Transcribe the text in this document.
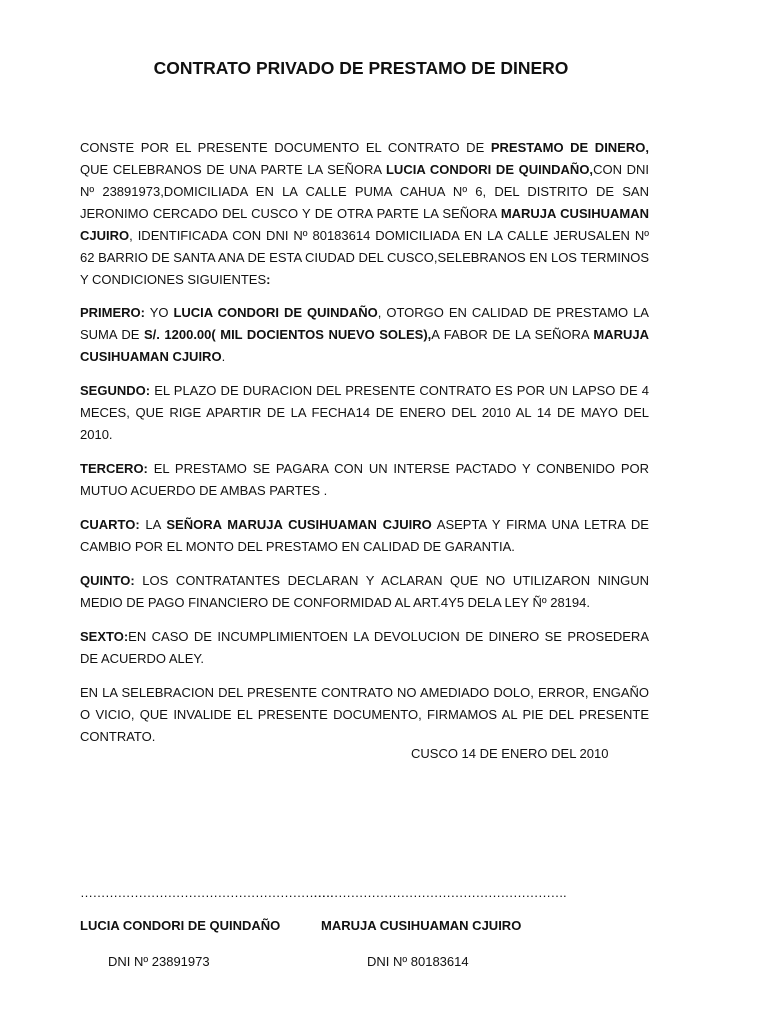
CONTRATO PRIVADO DE PRESTAMO DE DINERO

CONSTE POR EL PRESENTE DOCUMENTO EL CONTRATO DE PRESTAMO DE DINERO, QUE CELEBRANOS DE UNA PARTE LA SEÑORA LUCIA CONDORI DE QUINDAÑO,CON DNI Nº 23891973,DOMICILIADA EN LA CALLE PUMA CAHUA Nº 6, DEL DISTRITO DE SAN JERONIMO CERCADO DEL CUSCO Y DE OTRA PARTE LA SEÑORA MARUJA CUSIHUAMAN CJUIRO, IDENTIFICADA CON DNI Nº 80183614 DOMICILIADA EN LA CALLE JERUSALEN Nº 62 BARRIO DE SANTA ANA DE ESTA CIUDAD DEL CUSCO,SELEBRANOS EN LOS TERMINOS Y CONDICIONES SIGUIENTES:

PRIMERO: YO LUCIA CONDORI DE QUINDAÑO, OTORGO EN CALIDAD DE PRESTAMO LA SUMA DE S/. 1200.00( MIL DOCIENTOS NUEVO SOLES),A FABOR DE LA SEÑORA MARUJA CUSIHUAMAN CJUIRO.

SEGUNDO: EL PLAZO DE DURACION DEL PRESENTE CONTRATO ES POR UN LAPSO DE 4 MECES, QUE RIGE APARTIR DE LA FECHA14 DE ENERO DEL 2010 AL 14 DE MAYO DEL 2010.

TERCERO: EL PRESTAMO SE PAGARA CON UN INTERSE PACTADO Y CONBENIDO POR MUTUO ACUERDO DE AMBAS PARTES .

CUARTO: LA SEÑORA MARUJA CUSIHUAMAN CJUIRO ASEPTA Y FIRMA UNA LETRA DE CAMBIO POR EL MONTO DEL PRESTAMO EN CALIDAD DE GARANTIA.

QUINTO: LOS CONTRATANTES DECLARAN Y ACLARAN QUE NO UTILIZARON NINGUN MEDIO DE PAGO FINANCIERO DE CONFORMIDAD AL ART.4Y5 DELA LEY Ñº 28194.

SEXTO:EN CASO DE INCUMPLIMIENTOEN LA DEVOLUCION DE DINERO SE PROSEDERA DE ACUERDO ALEY.

EN LA SELEBRACION DEL PRESENTE CONTRATO NO AMEDIADO DOLO, ERROR, ENGAÑO O VICIO, QUE INVALIDE EL PRESENTE DOCUMENTO, FIRMAMOS AL PIE DEL PRESENTE CONTRATO.

CUSCO 14 DE ENERO DEL 2010
…………………………………………………….
…………………………………………………….
LUCIA CONDORI DE QUINDAÑO	MARUJA CUSIHUAMAN CJUIRO
DNI Nº 23891973	DNI Nº 80183614
